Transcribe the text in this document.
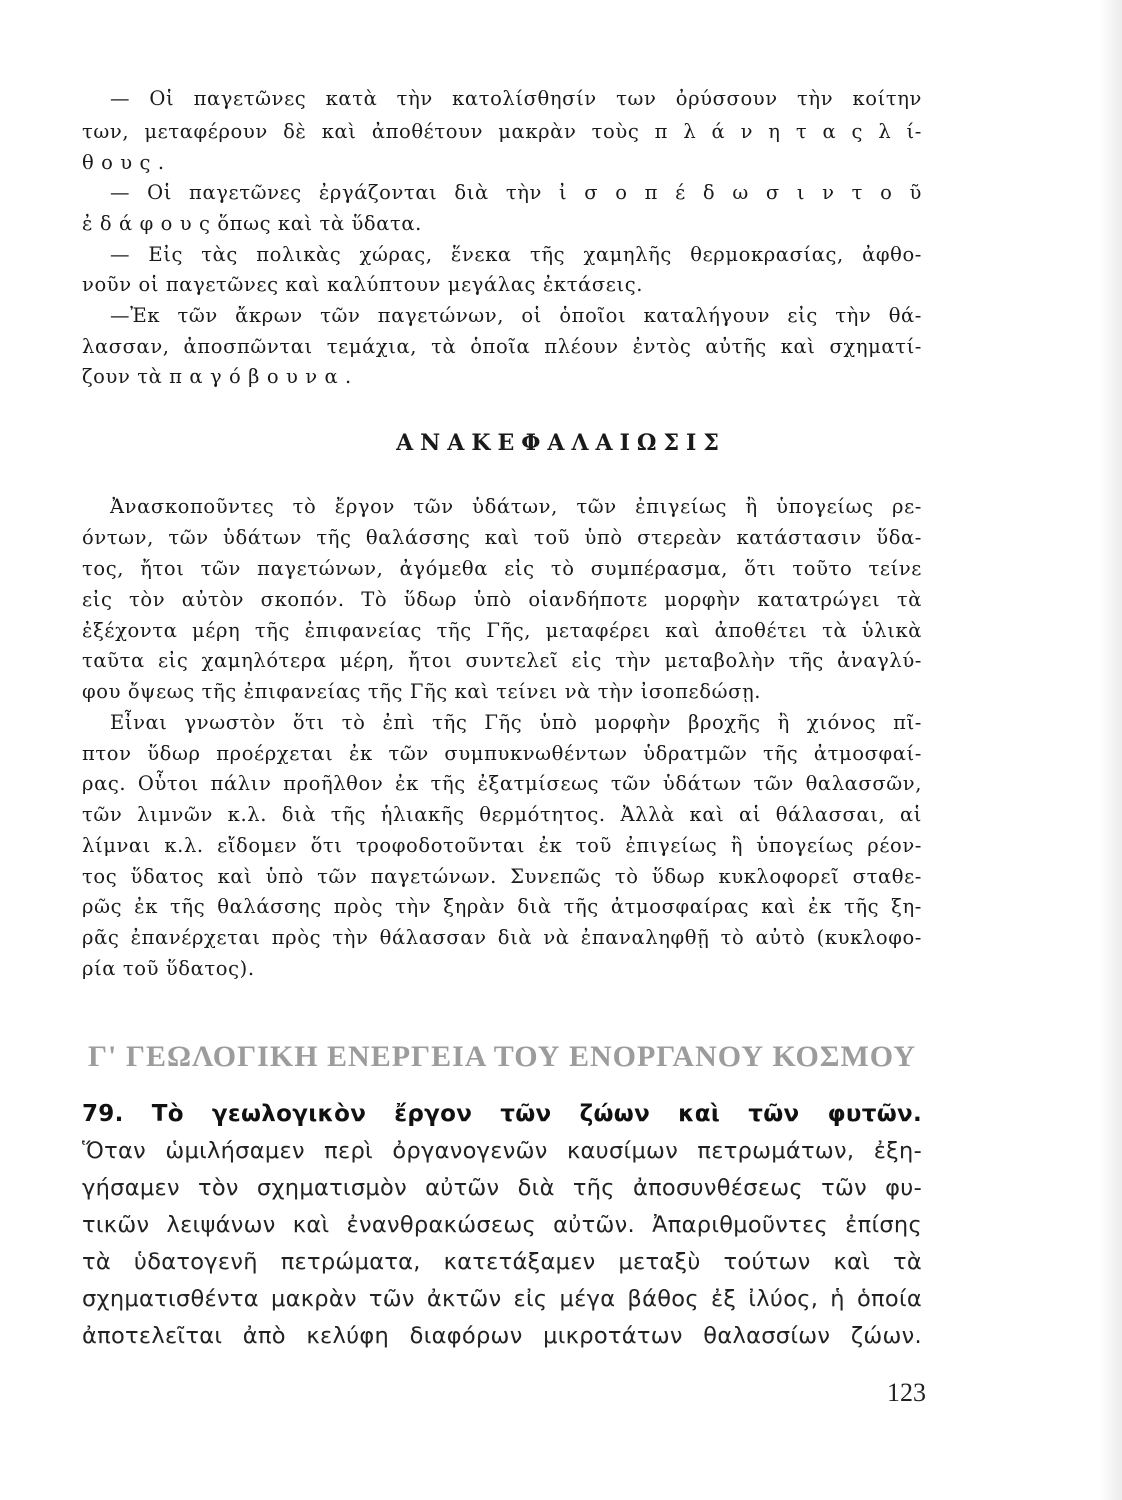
— Οἱ παγετῶνες κατὰ τὴν κατολίσθησίν των ὀρύσσουν τὴν κοίτην

των, μεταφέρουν δὲ καὶ ἀποθέτουν μακρὰν τοὺς π λ ά ν η τ α ς λ ί-

θ ο υ ς .

— Οἱ παγετῶνες ἐργάζονται διὰ τὴν ἰ σ ο π έ δ ω σ ι ν τ ο ῦ

ἐ δ ά φ ο υ ς ὅπως καὶ τὰ ὕδατα.

— Εἰς τὰς πολικὰς χώρας, ἕνεκα τῆς χαμηλῆς θερμοκρασίας, ἀφθο-

νοῦν οἱ παγετῶνες καὶ καλύπτουν μεγάλας ἐκτάσεις.

—Ἐκ τῶν ἄκρων τῶν παγετώνων, οἱ ὁποῖοι καταλήγουν εἰς τὴν θά-

λασσαν, ἀποσπῶνται τεμάχια, τὰ ὁποῖα πλέουν ἐντὸς αὐτῆς καὶ σχηματί-

ζουν τὰ π α γ ό β ο υ ν α .

ΑΝΑΚΕΦΑΛΑΙΩΣΙΣ

Ἀνασκοποῦντες τὸ ἔργον τῶν ὑδάτων, τῶν ἐπιγείως ἢ ὑπογείως ρε-

όντων, τῶν ὑδάτων τῆς θαλάσσης καὶ τοῦ ὑπὸ στερεὰν κατάστασιν ὕδα-

τος, ἤτοι τῶν παγετώνων, ἀγόμεθα εἰς τὸ συμπέρασμα, ὅτι τοῦτο τείνε

εἰς τὸν αὐτὸν σκοπόν. Τὸ ὕδωρ ὑπὸ οἱανδήποτε μορφὴν κατατρώγει τὰ

ἐξέχοντα μέρη τῆς ἐπιφανείας τῆς Γῆς, μεταφέρει καὶ ἀποθέτει τὰ ὑλικὰ

ταῦτα εἰς χαμηλότερα μέρη, ἤτοι συντελεῖ εἰς τὴν μεταβολὴν τῆς ἀναγλύ-

φου ὄψεως τῆς ἐπιφανείας τῆς Γῆς καὶ τείνει νὰ τὴν ἰσοπεδώσῃ.

Εἶναι γνωστὸν ὅτι τὸ ἐπὶ τῆς Γῆς ὑπὸ μορφὴν βροχῆς ἢ χιόνος πῖ-

πτον ὕδωρ προέρχεται ἐκ τῶν συμπυκνωθέντων ὑδρατμῶν τῆς ἀτμοσφαί-

ρας. Οὗτοι πάλιν προῆλθον ἐκ τῆς ἐξατμίσεως τῶν ὑδάτων τῶν θαλασσῶν,

τῶν λιμνῶν κ.λ. διὰ τῆς ἡλιακῆς θερμότητος. Ἀλλὰ καὶ αἱ θάλασσαι, αἱ

λίμναι κ.λ. εἴδομεν ὅτι τροφοδοτοῦνται ἐκ τοῦ ἐπιγείως ἢ ὑπογείως ρέον-

τος ὕδατος καὶ ὑπὸ τῶν παγετώνων. Συνεπῶς τὸ ὕδωρ κυκλοφορεῖ σταθε-

ρῶς ἐκ τῆς θαλάσσης πρὸς τὴν ξηρὰν διὰ τῆς ἀτμοσφαίρας καὶ ἐκ τῆς ξη-

ρᾶς ἐπανέρχεται πρὸς τὴν θάλασσαν διὰ νὰ ἐπαναληφθῇ τὸ αὐτὸ (κυκλοφο-

ρία τοῦ ὕδατος).

Γ' ΓΕΩΛΟΓΙΚΗ ΕΝΕΡΓΕΙΑ ΤΟΥ ΕΝΟΡΓΑΝΟΥ ΚΟΣΜΟΥ

79. Τὸ γεωλογικὸν ἔργον τῶν ζώων καὶ τῶν φυτῶν.

Ὅταν ὡμιλήσαμεν περὶ ὀργανογενῶν καυσίμων πετρωμάτων, ἐξη-

γήσαμεν τὸν σχηματισμὸν αὐτῶν διὰ τῆς ἀποσυνθέσεως τῶν φυ-

τικῶν λειψάνων καὶ ἐνανθρακώσεως αὐτῶν. Ἀπαριθμοῦντες ἐπίσης

τὰ ὑδατογενῆ πετρώματα, κατετάξαμεν μεταξὺ τούτων καὶ τὰ

σχηματισθέντα μακρὰν τῶν ἀκτῶν εἰς μέγα βάθος ἐξ ἰλύος, ἡ ὁποία

ἀποτελεῖται ἀπὸ κελύφη διαφόρων μικροτάτων θαλασσίων ζώων.

123
